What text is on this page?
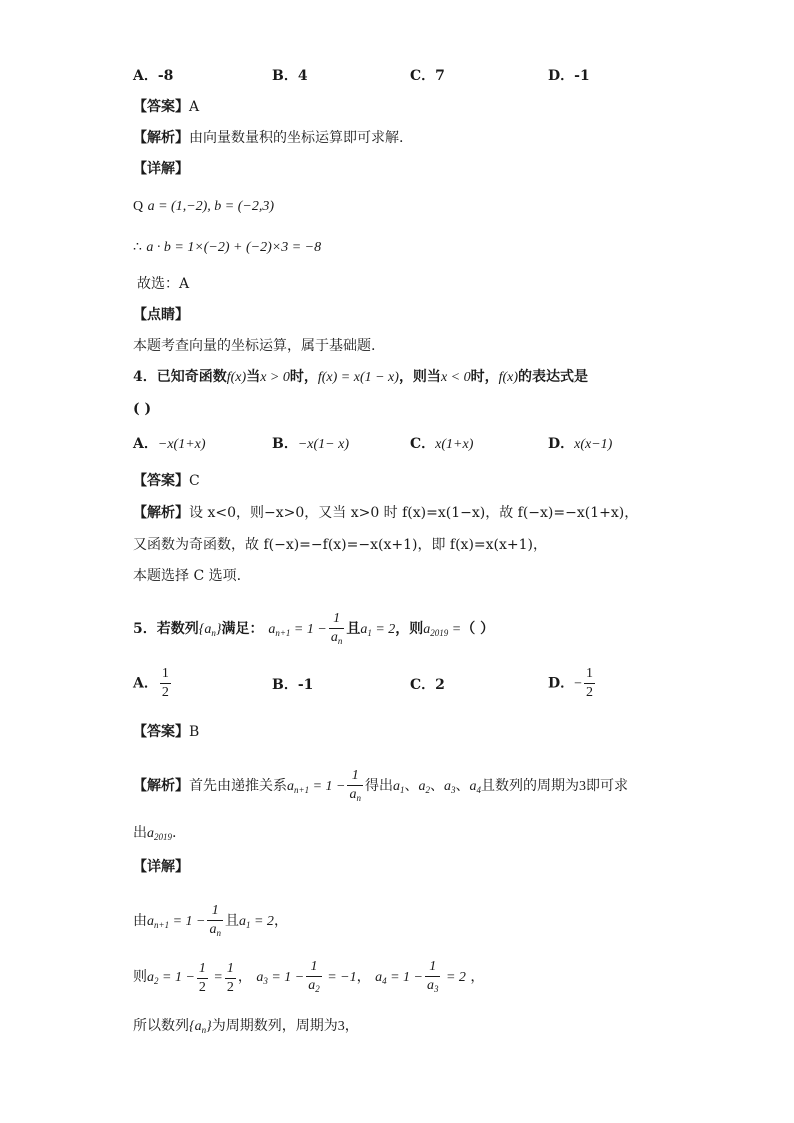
A．-8	B．4	C．7	D．-1
【答案】A
【解析】由向量数量积的坐标运算即可求解.
【详解】
Q a = (1,−2), b = (−2,3)
∴ a · b = 1×(−2) + (−2)×3 = −8
故选：A
【点睛】
本题考查向量的坐标运算，属于基础题.
4．已知奇函数f(x)当x > 0时，f(x) = x(1 − x)，则当x < 0时，f(x)的表达式是
( )
A．−x(1+x)	B．−x(1− x)	C．x(1+x)	D．x(x−1)
【答案】C
【解析】设 x<0，则−x>0，又当 x>0 时 f(x)=x(1−x)，故 f(−x)=−x(1+x)，
又函数为奇函数，故 f(−x)=−f(x)=−x(x+1)，即 f(x)=x(x+1)，
本题选择 C 选项.
5．若数列$\{a_n\}$满足： $a_{n+1} = 1 - \frac{1}{a_n}$ 且$a_1 = 2$，则$a_{2019}$ =（ ）
A． $\frac{1}{2}$	B．-1	C．2	D．− $\frac{1}{2}$
【答案】B
【解析】首先由递推关系$a_{n+1} = 1 - \frac{1}{a_n}$ 得出$a_1$、$a_2$、$a_3$、$a_4$且数列的周期为3即可求
出$a_{2019}$.
【详解】
由$a_{n+1} = 1 - \frac{1}{a_n}$ 且$a_1 = 2$，
则$a_2 = 1 - \frac{1}{2} = \frac{1}{2}$ ， $a_3 = 1 - \frac{1}{a_2} = -1$， $a_4 = 1 - \frac{1}{a_3} = 2$ ，
所以数列$\{a_n\}$为周期数列，周期为3，
